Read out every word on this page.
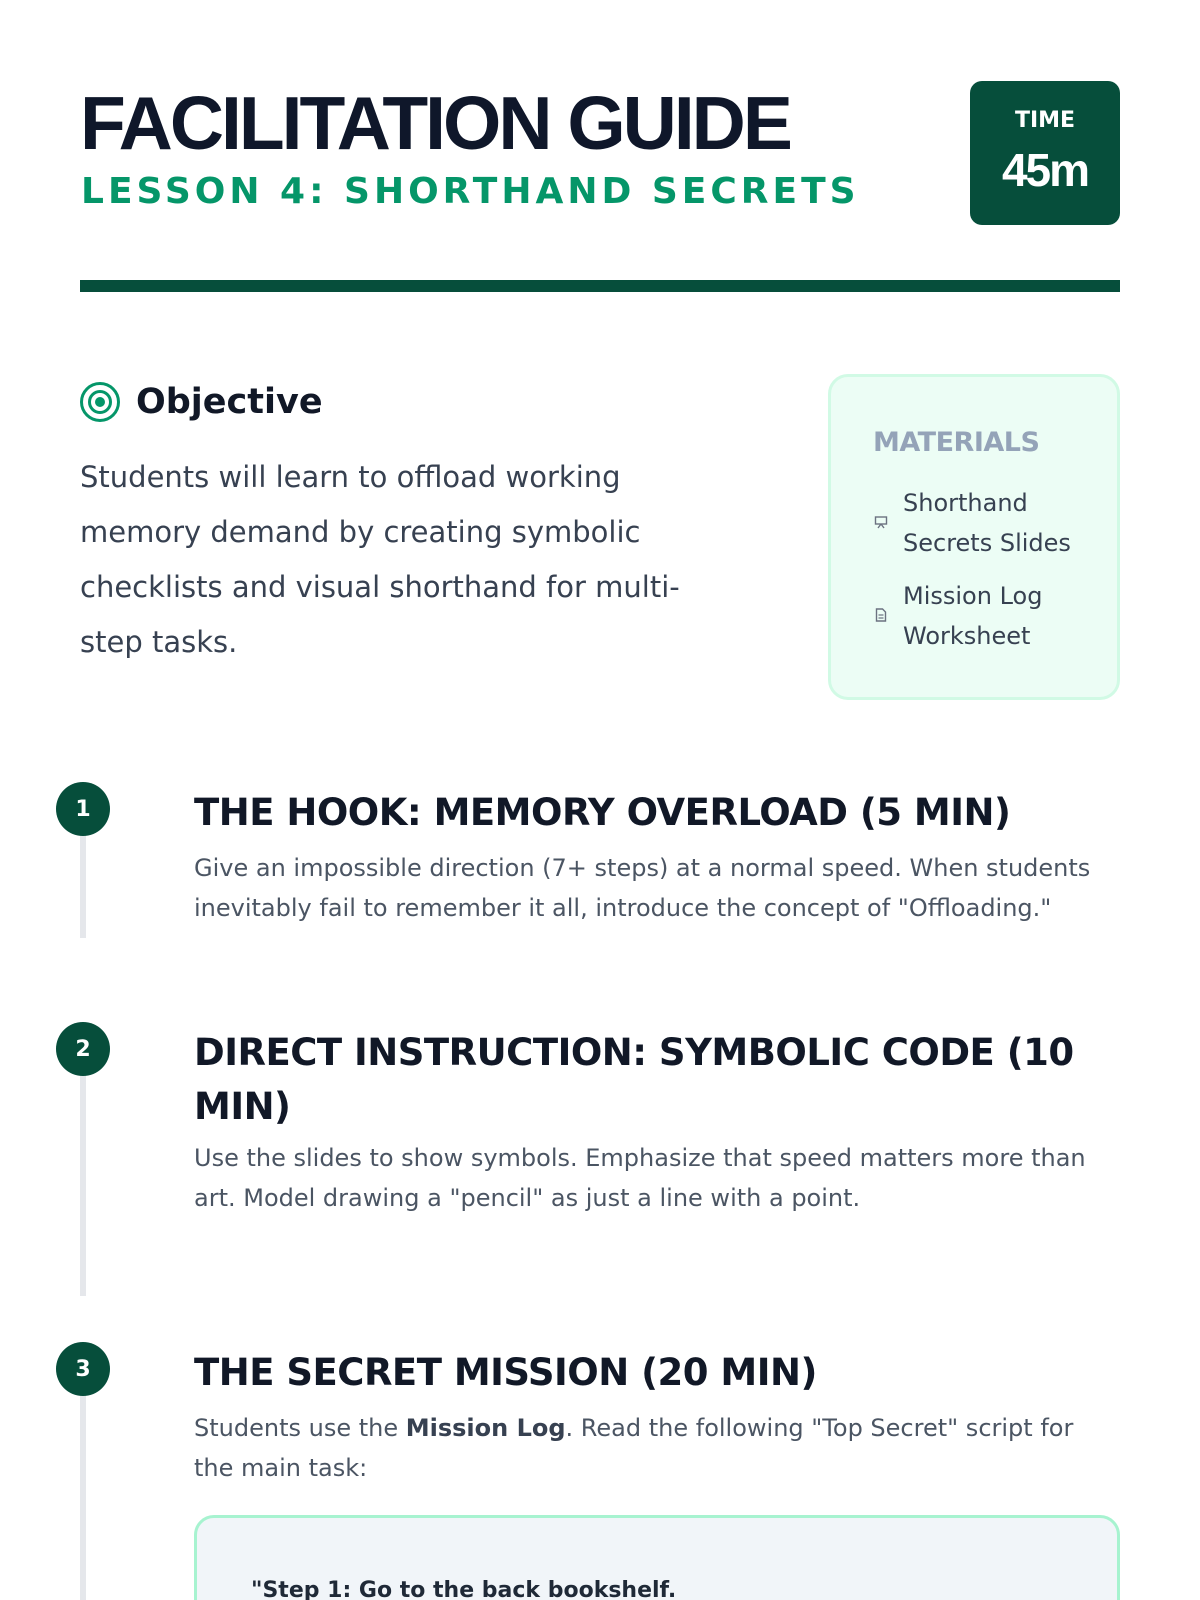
FACILITATION GUIDE
LESSON 4: SHORTHAND SECRETS
TIME
45m
Objective
Students will learn to offload working memory demand by creating symbolic checklists and visual shorthand for multi-step tasks.
MATERIALS
Shorthand Secrets Slides
Mission Log Worksheet
1	THE HOOK: MEMORY OVERLOAD (5 MIN)
Give an impossible direction (7+ steps) at a normal speed. When students inevitably fail to remember it all, introduce the concept of "Offloading."
2	DIRECT INSTRUCTION: SYMBOLIC CODE (10 MIN)
Use the slides to show symbols. Emphasize that speed matters more than art. Model drawing a "pencil" as just a line with a point.
3	THE SECRET MISSION (20 MIN)
Students use the Mission Log. Read the following "Top Secret" script for the main task:
"Step 1: Go to the back bookshelf.
